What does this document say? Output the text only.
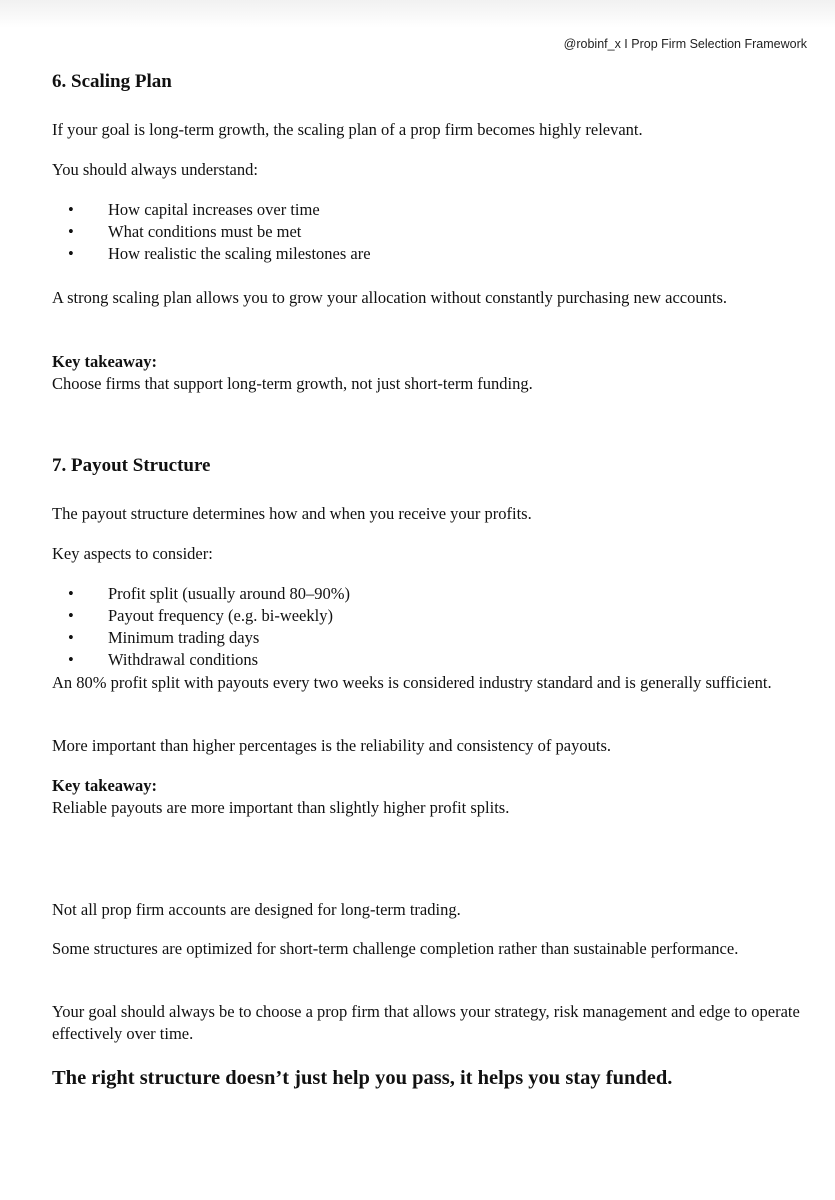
@robinf_x I Prop Firm Selection Framework
6. Scaling Plan
If your goal is long-term growth, the scaling plan of a prop firm becomes highly relevant.
You should always understand:
• How capital increases over time
• What conditions must be met
• How realistic the scaling milestones are
A strong scaling plan allows you to grow your allocation without constantly purchasing new accounts.
Key takeaway:
Choose firms that support long-term growth, not just short-term funding.
7. Payout Structure
The payout structure determines how and when you receive your profits.
Key aspects to consider:
• Profit split (usually around 80–90%)
• Payout frequency (e.g. bi-weekly)
• Minimum trading days
• Withdrawal conditions
An 80% profit split with payouts every two weeks is considered industry standard and is generally sufficient.
More important than higher percentages is the reliability and consistency of payouts.
Key takeaway:
Reliable payouts are more important than slightly higher profit splits.
Not all prop firm accounts are designed for long-term trading.
Some structures are optimized for short-term challenge completion rather than sustainable performance.
Your goal should always be to choose a prop firm that allows your strategy, risk management and edge to operate effectively over time.
The right structure doesn’t just help you pass, it helps you stay funded.
